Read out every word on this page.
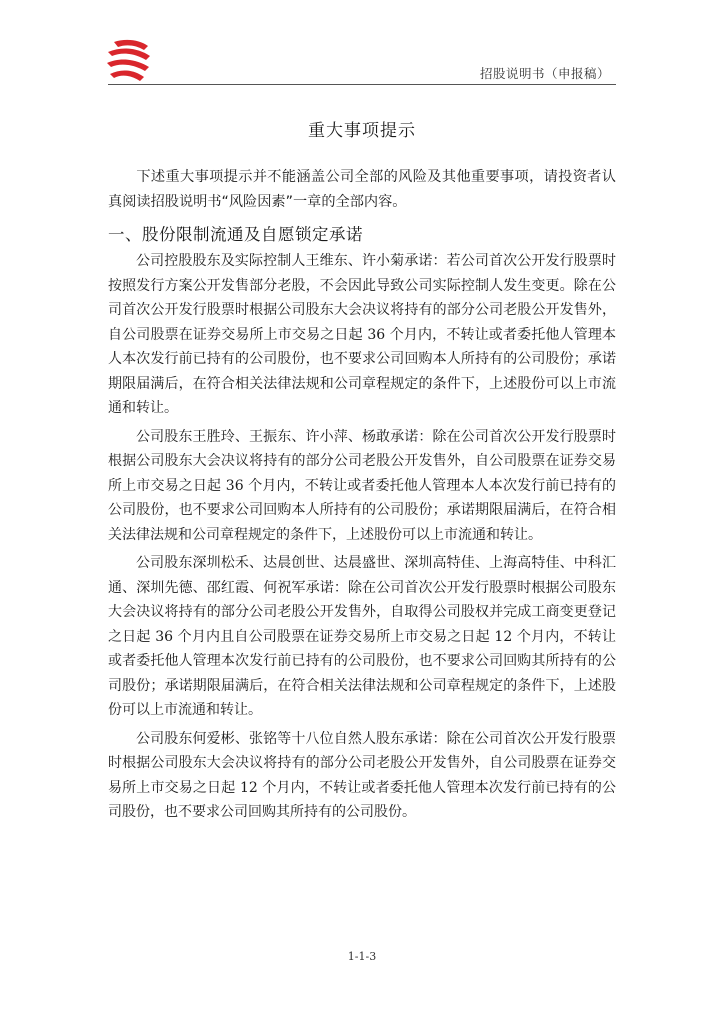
招股说明书（申报稿）
重大事项提示

下述重大事项提示并不能涵盖公司全部的风险及其他重要事项，请投资者认真阅读招股说明书“风险因素”一章的全部内容。

一、股份限制流通及自愿锁定承诺

公司控股股东及实际控制人王维东、许小菊承诺：若公司首次公开发行股票时按照发行方案公开发售部分老股，不会因此导致公司实际控制人发生变更。除在公司首次公开发行股票时根据公司股东大会决议将持有的部分公司老股公开发售外，自公司股票在证券交易所上市交易之日起 36 个月内，不转让或者委托他人管理本人本次发行前已持有的公司股份，也不要求公司回购本人所持有的公司股份；承诺期限届满后，在符合相关法律法规和公司章程规定的条件下，上述股份可以上市流通和转让。

公司股东王胜玲、王振东、许小萍、杨敢承诺：除在公司首次公开发行股票时根据公司股东大会决议将持有的部分公司老股公开发售外，自公司股票在证券交易所上市交易之日起 36 个月内，不转让或者委托他人管理本人本次发行前已持有的公司股份，也不要求公司回购本人所持有的公司股份；承诺期限届满后，在符合相关法律法规和公司章程规定的条件下，上述股份可以上市流通和转让。

公司股东深圳松禾、达晨创世、达晨盛世、深圳高特佳、上海高特佳、中科汇通、深圳先德、邵红霞、何祝军承诺：除在公司首次公开发行股票时根据公司股东大会决议将持有的部分公司老股公开发售外，自取得公司股权并完成工商变更登记之日起 36 个月内且自公司股票在证券交易所上市交易之日起 12 个月内，不转让或者委托他人管理本次发行前已持有的公司股份，也不要求公司回购其所持有的公司股份；承诺期限届满后，在符合相关法律法规和公司章程规定的条件下，上述股份可以上市流通和转让。

公司股东何爱彬、张铭等十八位自然人股东承诺：除在公司首次公开发行股票时根据公司股东大会决议将持有的部分公司老股公开发售外，自公司股票在证券交易所上市交易之日起 12 个月内，不转让或者委托他人管理本次发行前已持有的公司股份，也不要求公司回购其所持有的公司股份。

1-1-3
